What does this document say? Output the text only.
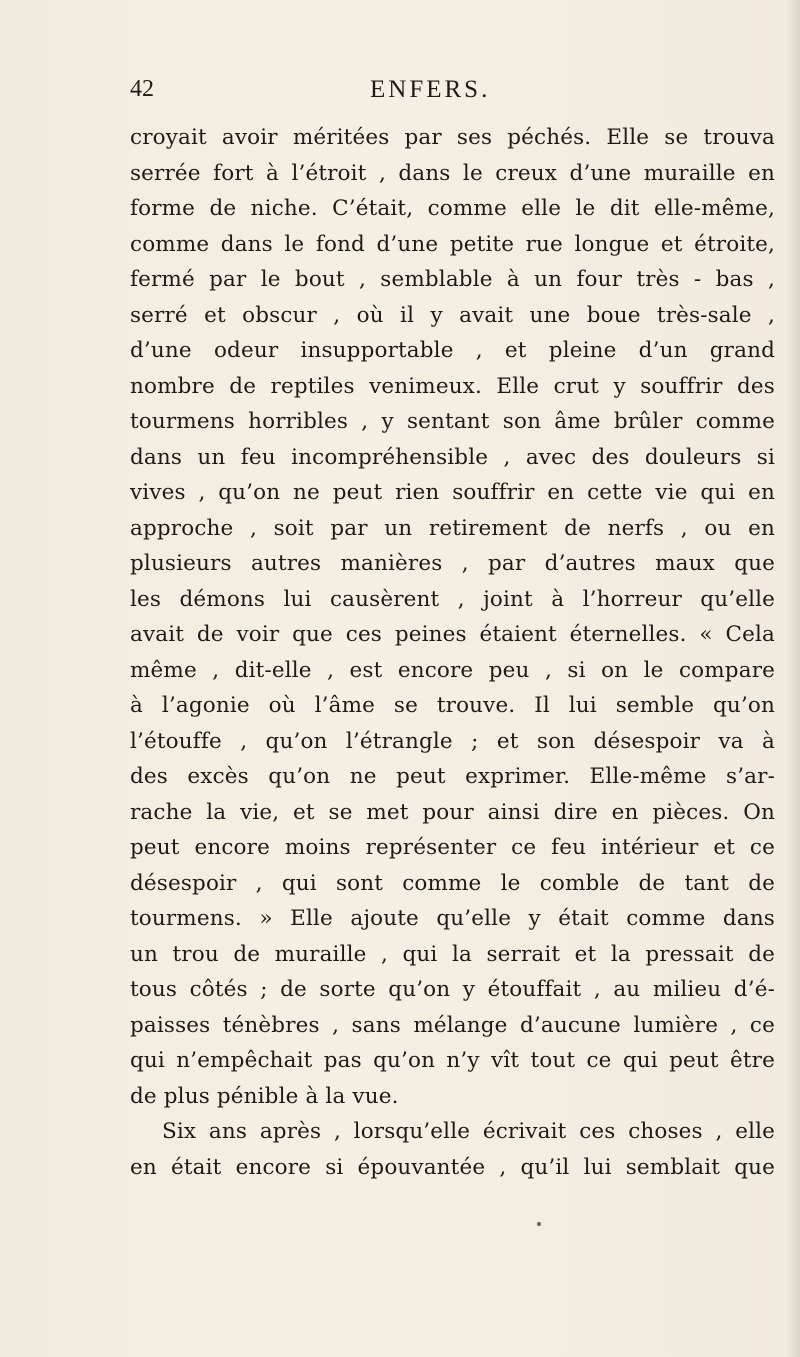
42	ENFERS.
croyait avoir méritées par ses péchés. Elle se trouva
serrée fort à l’étroit , dans le creux d’une muraille en
forme de niche. C’était, comme elle le dit elle-même,
comme dans le fond d’une petite rue longue et étroite,
fermé par le bout , semblable à un four très - bas ,
serré et obscur , où il y avait une boue très-sale ,
d’une odeur insupportable , et pleine d’un grand
nombre de reptiles venimeux. Elle crut y souffrir des
tourmens horribles , y sentant son âme brûler comme
dans un feu incompréhensible , avec des douleurs si
vives , qu’on ne peut rien souffrir en cette vie qui en
approche , soit par un retirement de nerfs , ou en
plusieurs autres manières , par d’autres maux que
les démons lui causèrent , joint à l’horreur qu’elle
avait de voir que ces peines étaient éternelles. « Cela
même , dit-elle , est encore peu , si on le compare
à l’agonie où l’âme se trouve. Il lui semble qu’on
l’étouffe , qu’on l’étrangle ; et son désespoir va à
des excès qu’on ne peut exprimer. Elle-même s’ar-
rache la vie, et se met pour ainsi dire en pièces. On
peut encore moins représenter ce feu intérieur et ce
désespoir , qui sont comme le comble de tant de
tourmens. » Elle ajoute qu’elle y était comme dans
un trou de muraille , qui la serrait et la pressait de
tous côtés ; de sorte qu’on y étouffait , au milieu d’é-
paisses ténèbres , sans mélange d’aucune lumière , ce
qui n’empêchait pas qu’on n’y vît tout ce qui peut être
de plus pénible à la vue.
Six ans après , lorsqu’elle écrivait ces choses , elle
en était encore si épouvantée , qu’il lui semblait que
